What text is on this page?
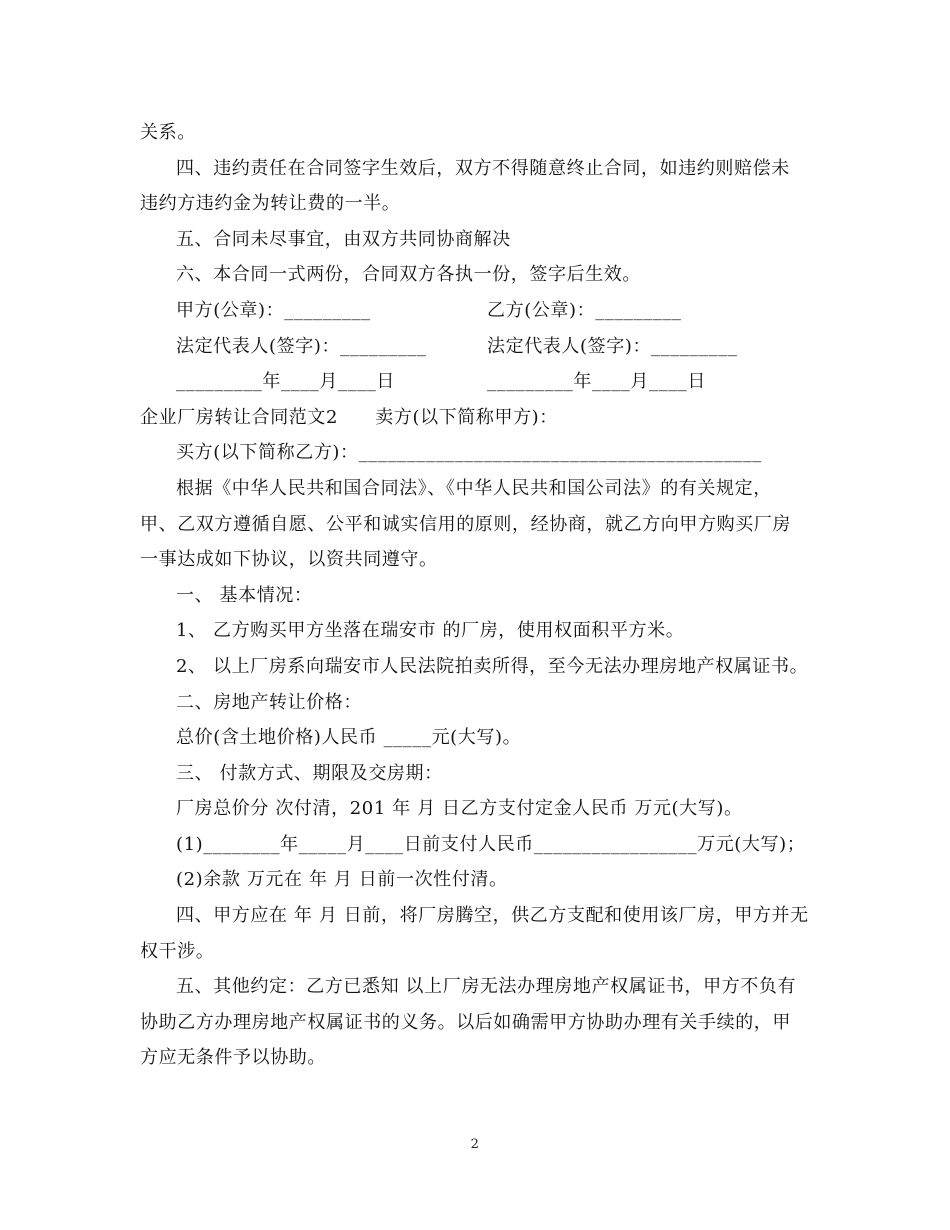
关系。

四、违约责任在合同签字生效后，双方不得随意终止合同，如违约则赔偿未

违约方违约金为转让费的一半。

五、合同未尽事宜，由双方共同协商解决

六、本合同一式两份，合同双方各执一份，签字后生效。

甲方(公章)：_________	乙方(公章)：_________
法定代表人(签字)：_________	法定代表人(签字)：_________
_________年____月____日	_________年____月____日

企业厂房转让合同范文2　　卖方(以下简称甲方)：

买方(以下简称乙方)：__________________________________________

根据《中华人民共和国合同法》、《中华人民共和国公司法》的有关规定，

甲、乙双方遵循自愿、公平和诚实信用的原则，经协商，就乙方向甲方购买厂房

一事达成如下协议，以资共同遵守。

一、 基本情况：

1、 乙方购买甲方坐落在瑞安市 的厂房，使用权面积平方米。

2、 以上厂房系向瑞安市人民法院拍卖所得，至今无法办理房地产权属证书。

二、房地产转让价格：

总价(含土地价格)人民币 _____元(大写)。

三、 付款方式、期限及交房期：

厂房总价分 次付清，201 年 月 日乙方支付定金人民币 万元(大写)。

(1)________年_____月____日前支付人民币_________________万元(大写)；

(2)余款 万元在 年 月 日前一次性付清。

四、甲方应在 年 月 日前，将厂房腾空，供乙方支配和使用该厂房，甲方并无

权干涉。

五、其他约定：乙方已悉知 以上厂房无法办理房地产权属证书，甲方不负有

协助乙方办理房地产权属证书的义务。以后如确需甲方协助办理有关手续的，甲

方应无条件予以协助。

2
